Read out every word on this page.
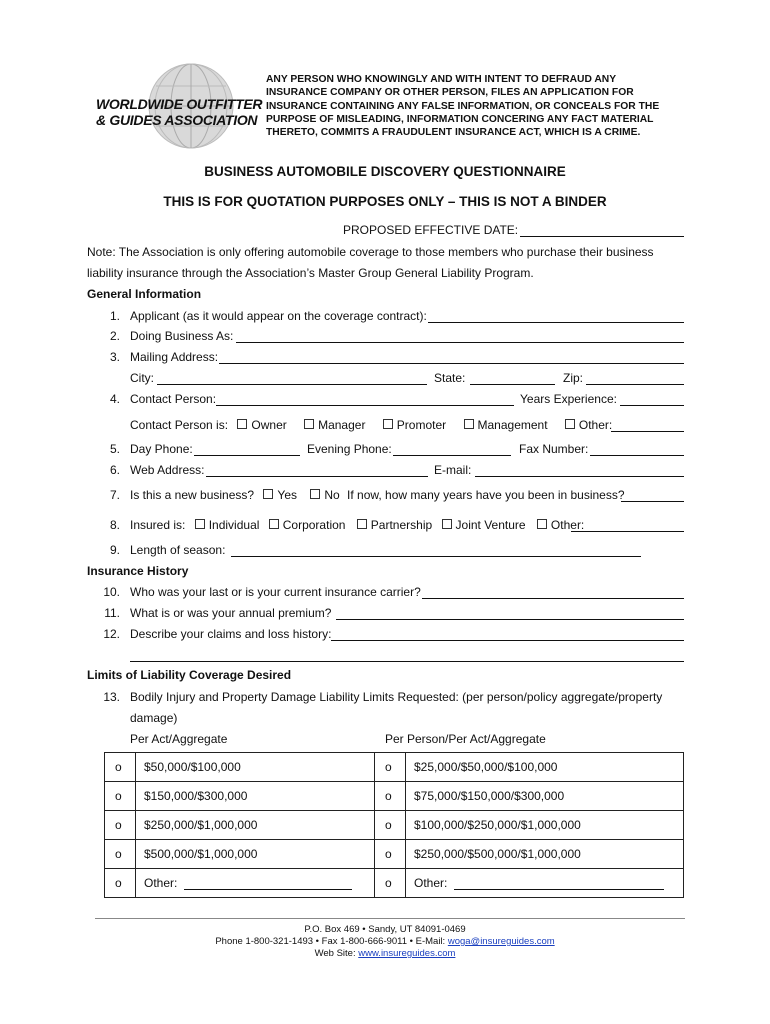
WORLDWIDE OUTFITTER
& GUIDES ASSOCIATION
ANY PERSON WHO KNOWINGLY AND WITH INTENT TO DEFRAUD ANY
INSURANCE COMPANY OR OTHER PERSON, FILES AN APPLICATION FOR
INSURANCE CONTAINING ANY FALSE INFORMATION, OR CONCEALS FOR THE
PURPOSE OF MISLEADING, INFORMATION CONCERING ANY FACT MATERIAL
THERETO, COMMITS A FRAUDULENT INSURANCE ACT, WHICH IS A CRIME.
BUSINESS AUTOMOBILE DISCOVERY QUESTIONNAIRE
THIS IS FOR QUOTATION PURPOSES ONLY – THIS IS NOT A BINDER
PROPOSED EFFECTIVE DATE:
Note: The Association is only offering automobile coverage to those members who purchase their business
liability insurance through the Association’s Master Group General Liability Program.
General Information
1. Applicant (as it would appear on the coverage contract):
2. Doing Business As:
3. Mailing Address:
City:	State:	Zip:
4. Contact Person:	Years Experience:
Contact Person is: Owner	Manager	Promoter	Management	Other:
5. Day Phone:	Evening Phone:	Fax Number:
6. Web Address:	E-mail:
7. Is this a new business? Yes No If now, how many years have you been in business?
8. Insured is: Individual Corporation Partnership Joint Venture Other:
9. Length of season:
Insurance History
10. Who was your last or is your current insurance carrier?
11. What is or was your annual premium?
12. Describe your claims and loss history:
Limits of Liability Coverage Desired
13. Bodily Injury and Property Damage Liability Limits Requested: (per person/policy aggregate/property
damage)
Per Act/Aggregate	Per Person/Per Act/Aggregate
o	$50,000/$100,000	o	$25,000/$50,000/$100,000
o	$150,000/$300,000	o	$75,000/$150,000/$300,000
o	$250,000/$1,000,000	o	$100,000/$250,000/$1,000,000
o	$500,000/$1,000,000	o	$250,000/$500,000/$1,000,000
o	Other:	o	Other:
P.O. Box 469 • Sandy, UT 84091-0469
Phone 1-800-321-1493 • Fax 1-800-666-9011 • E-Mail: woga@insureguides.com
Web Site: www.insureguides.com
